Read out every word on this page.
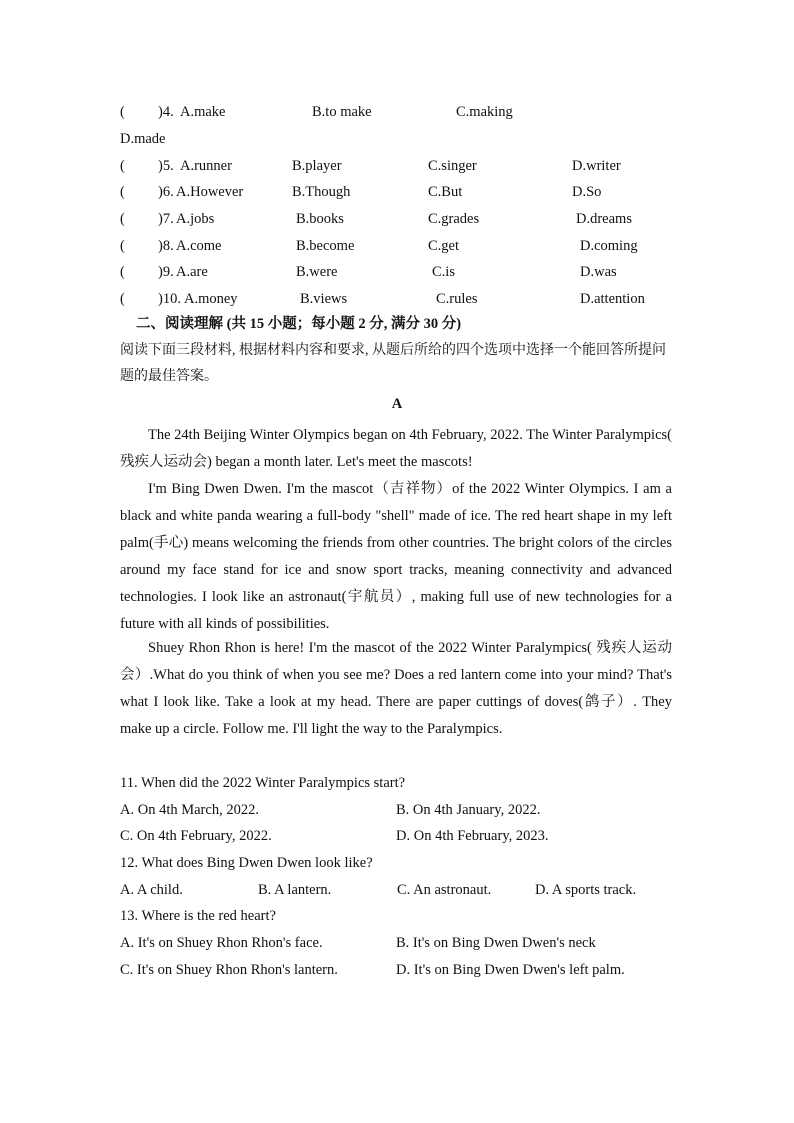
( )4. A.make	B.to make	C.making
D.made
( )5. A.runner	B.player	C.singer	D.writer
( )6. A.However	B.Though	C.But	D.So
( )7. A.jobs	B.books	C.grades	D.dreams
( )8. A.come	B.become	C.get	D.coming
( )9. A.are	B.were	C.is	D.was
( )10. A.money	B.views	C.rules	D.attention
二、阅读理解 (共 15 小题；每小题 2 分, 满分 30 分)
阅读下面三段材料, 根据材料内容和要求, 从题后所给的四个选项中选择一个能回答所提问题的最佳答案。
A
The 24th Beijing Winter Olympics began on 4th February, 2022. The Winter Paralympics( 残疾人运动会) began a month later. Let's meet the mascots!
I'm Bing Dwen Dwen. I'm the mascot（吉祥物）of the 2022 Winter Olympics. I am a black and white panda wearing a full-body "shell" made of ice. The red heart shape in my left palm(手心) means welcoming the friends from other countries. The bright colors of the circles around my face stand for ice and snow sport tracks, meaning connectivity and advanced technologies. I look like an astronaut(宇航员）, making full use of new technologies for a future with all kinds of possibilities.
Shuey Rhon Rhon is here! I'm the mascot of the 2022 Winter Paralympics( 残疾人运动会）.What do you think of when you see me? Does a red lantern come into your mind? That's what I look like. Take a look at my head. There are paper cuttings of doves(鸽子）. They make up a circle. Follow me. I'll light the way to the Paralympics.
11. When did the 2022 Winter Paralympics start?
A. On 4th March, 2022.	B. On 4th January, 2022.
C. On 4th February, 2022.	D. On 4th February, 2023.
12. What does Bing Dwen Dwen look like?
A. A child.	B. A lantern.	C. An astronaut.	D. A sports track.
13. Where is the red heart?
A. It's on Shuey Rhon Rhon's face.	B. It's on Bing Dwen Dwen's neck
C. It's on Shuey Rhon Rhon's lantern.	D. It's on Bing Dwen Dwen's left palm.
